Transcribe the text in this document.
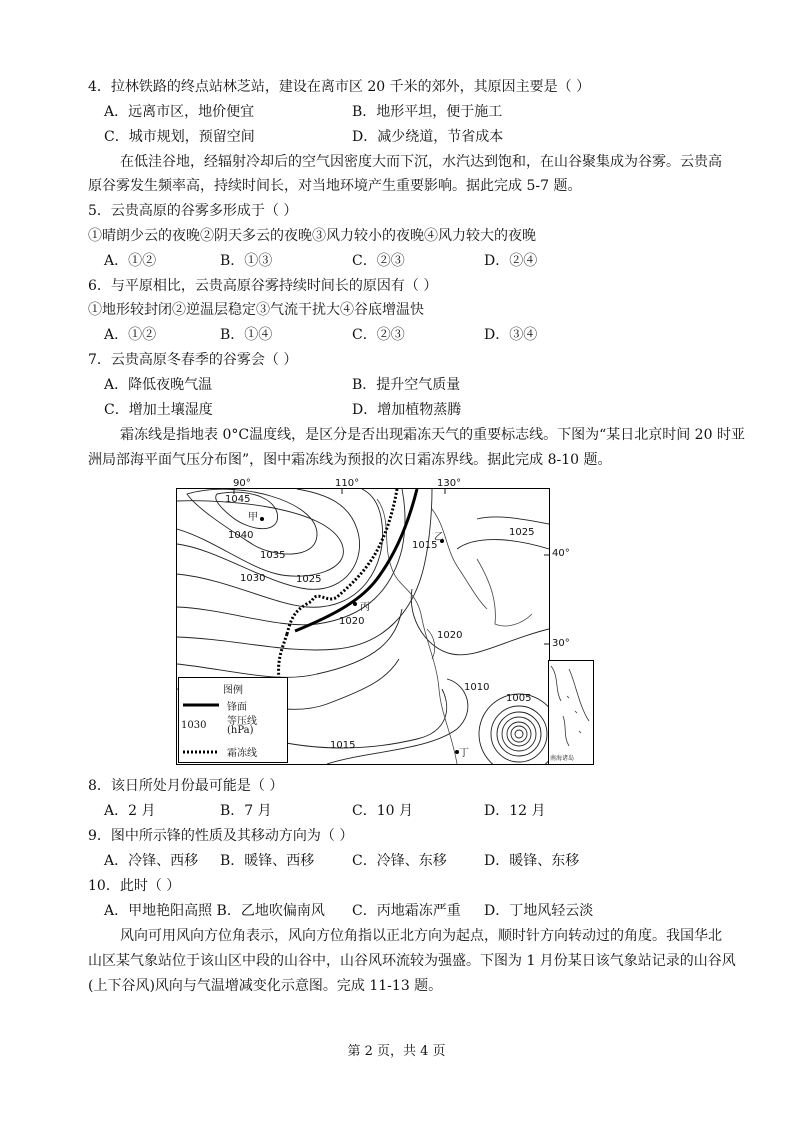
4．拉林铁路的终点站林芝站，建设在离市区 20 千米的郊外，其原因主要是（ ）
A．远离市区，地价便宜	B．地形平坦，便于施工
C．城市规划，预留空间	D．减少绕道，节省成本
在低洼谷地，经辐射冷却后的空气因密度大而下沉，水汽达到饱和，在山谷聚集成为谷雾。云贵高
原谷雾发生频率高，持续时间长，对当地环境产生重要影响。据此完成 5-7 题。
5．云贵高原的谷雾多形成于（ ）
①晴朗少云的夜晚②阴天多云的夜晚③风力较小的夜晚④风力较大的夜晚
A．①②	B．①③	C．②③	D．②④
6．与平原相比，云贵高原谷雾持续时间长的原因有（ ）
①地形较封闭②逆温层稳定③气流干扰大④谷底增温快
A．①②	B．①④	C．②③	D．③④
7．云贵高原冬春季的谷雾会（ ）
A．降低夜晚气温	B．提升空气质量
C．增加土壤湿度	D．增加植物蒸腾
霜冻线是指地表 0°C温度线，是区分是否出现霜冻天气的重要标志线。下图为“某日北京时间 20 时亚
洲局部海平面气压分布图”，图中霜冻线为预报的次日霜冻界线。据此完成 8-10 题。
90°	110°	130°
40°
30°
1045
1040
1035
1030	1025
1020
1015
1025
1020
1010
1005
1015
甲
乙
丙
丁
图例
锋面
1030 等压线
(hPa)
霜冻线	南海诸岛
8．该日所处月份最可能是（ ）
A．2 月	B．7 月	C．10 月	D．12 月
9．图中所示锋的性质及其移动方向为（ ）
A．冷锋、西移 B．暖锋、西移	C．冷锋、东移	D．暖锋、东移
10．此时（ ）
A．甲地艳阳高照 B．乙地吹偏南风 C．丙地霜冻严重 D．丁地风轻云淡
风向可用风向方位角表示，风向方位角指以正北方向为起点，顺时针方向转动过的角度。我国华北
山区某气象站位于该山区中段的山谷中，山谷风环流较为强盛。下图为 1 月份某日该气象站记录的山谷风
(上下谷风)风向与气温增减变化示意图。完成 11-13 题。
第 2 页，共 4 页
